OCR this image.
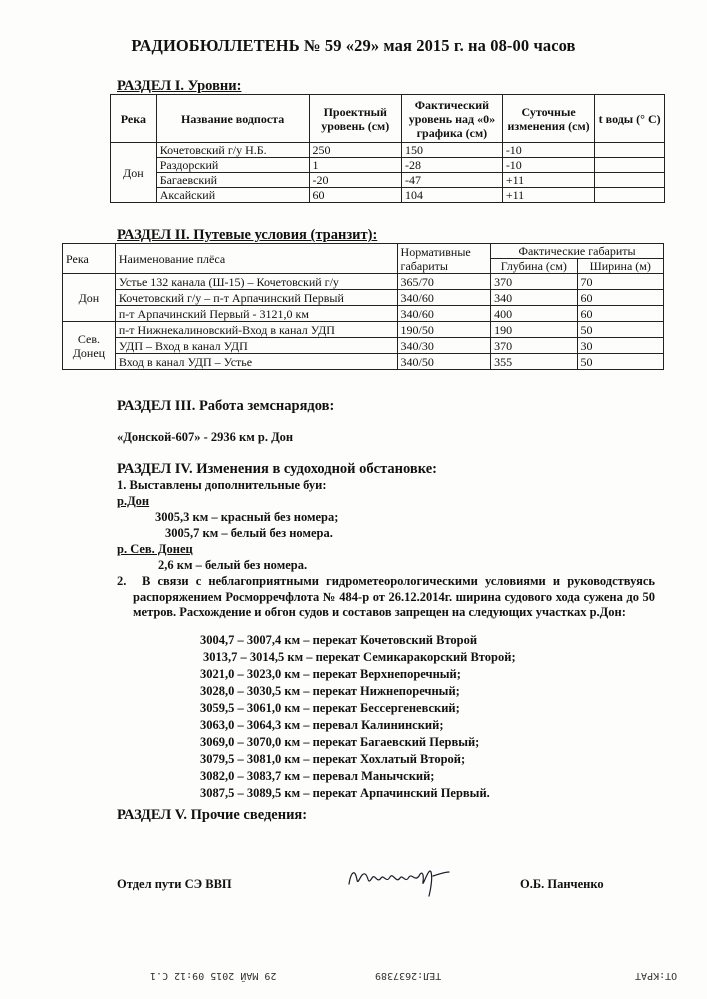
РАДИОБЮЛЛЕТЕНЬ № 59 «29» мая 2015 г. на 08-00 часов
РАЗДЕЛ I. Уровни:
Река	Название водпоста	Проектный уровень (см)	Фактический уровень над «0» графика (см)	Суточные изменения (см)	t воды (° С)
Дон	Кочетовский г/у Н.Б.	250	150	-10	
	Раздорский	1	-28	-10	
	Багаевский	-20	-47	+11	
	Аксайский	60	104	+11	
РАЗДЕЛ II. Путевые условия (транзит):
Река	Наименование плёса	Нормативные габариты	Фактические габариты	
			Глубина (см)	Ширина (м)
Дон	Устье 132 канала (Ш-15) – Кочетовский г/у	365/70	370	70
	Кочетовский г/у – п-т Арпачинский Первый	340/60	340	60
	п-т Арпачинский Первый - 3121,0 км	340/60	400	60
Сев. Донец	п-т Нижнекалиновский-Вход в канал УДП	190/50	190	50
	УДП – Вход в канал УДП	340/30	370	30
	Вход в канал УДП – Устье	340/50	355	50
РАЗДЕЛ III. Работа земснарядов:
«Донской-607» - 2936 км р. Дон
РАЗДЕЛ IV. Изменения в судоходной обстановке:
1. Выставлены дополнительные буи:
р.Дон
3005,3 км – красный без номера;
3005,7 км – белый без номера.
р. Сев. Донец
2,6 км – белый без номера.
2.	В связи с неблагоприятными гидрометеорологическими условиями и руководствуясь распоряжением Росморречфлота № 484-р от 26.12.2014г. ширина судового хода сужена до 50 метров. Расхождение и обгон судов и составов запрещен на следующих участках р.Дон:
3004,7 – 3007,4 км – перекат Кочетовский Второй
3013,7 – 3014,5 км – перекат Семикаракорский Второй;
3021,0 – 3023,0 км – перекат Верхнепоречный;
3028,0 – 3030,5 км – перекат Нижнепоречный;
3059,5 – 3061,0 км – перекат Бессергеневский;
3063,0 – 3064,3 км – перевал Калининский;
3069,0 – 3070,0 км – перекат Багаевский Первый;
3079,5 – 3081,0 км – перекат Хохлатый Второй;
3082,0 – 3083,7 км – перевал Манычский;
3087,5 – 3089,5 км – перекат Арпачинский Первый.
РАЗДЕЛ V. Прочие сведения:
Отдел пути СЭ ВВП	О.Б. Панченко
ОТ:КРАТ
ТЕЛ:2637389
29 МАЙ 2015 09:12 С.1
